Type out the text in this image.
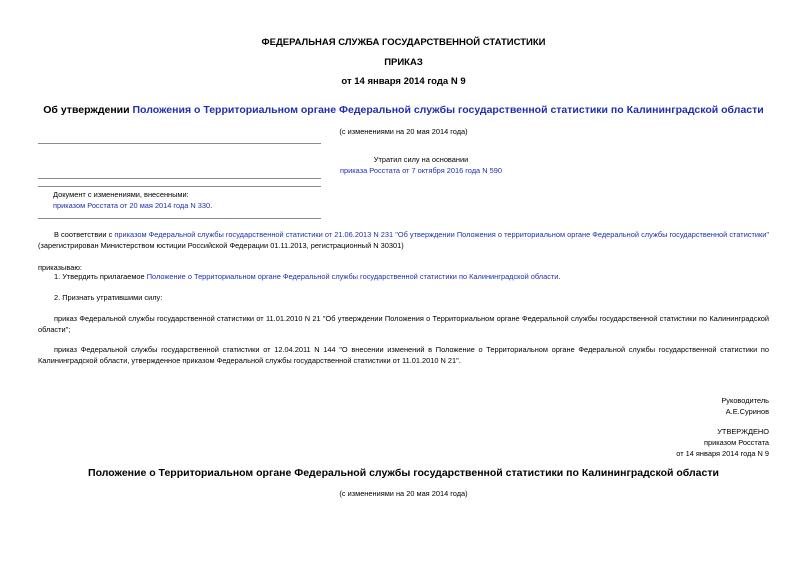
ФЕДЕРАЛЬНАЯ СЛУЖБА ГОСУДАРСТВЕННОЙ СТАТИСТИКИ
ПРИКАЗ
от 14 января 2014 года N 9
Об утверждении Положения о Территориальном органе Федеральной службы государственной статистики по Калининградской области
(с изменениями на 20 мая 2014 года)
Утратил силу на основании
приказа Росстата от 7 октября 2016 года N 590
Документ с изменениями, внесенными:
приказом Росстата от 20 мая 2014 года N 330.
В соответствии с приказом Федеральной службы государственной статистики от 21.06.2013 N 231 "Об утверждении Положения о территориальном органе Федеральной службы государственной статистики" (зарегистрирован Министерством юстиции Российской Федерации 01.11.2013, регистрационный N 30301)
приказываю:
1. Утвердить прилагаемое Положение о Территориальном органе Федеральной службы государственной статистики по Калининградской области.
2. Признать утратившими силу:
приказ Федеральной службы государственной статистики от 11.01.2010 N 21 "Об утверждении Положения о Территориальном органе Федеральной службы государственной статистики по Калининградской области";
приказ Федеральной службы государственной статистики от 12.04.2011 N 144 "О внесении изменений в Положение о Территориальном органе Федеральной службы государственной статистики по Калининградской области, утвержденное приказом Федеральной службы государственной статистики от 11.01.2010 N 21".
Руководитель
А.Е.Суринов
УТВЕРЖДЕНО
приказом Росстата
от 14 января 2014 года N 9
Положение о Территориальном органе Федеральной службы государственной статистики по Калининградской области
(с изменениями на 20 мая 2014 года)
